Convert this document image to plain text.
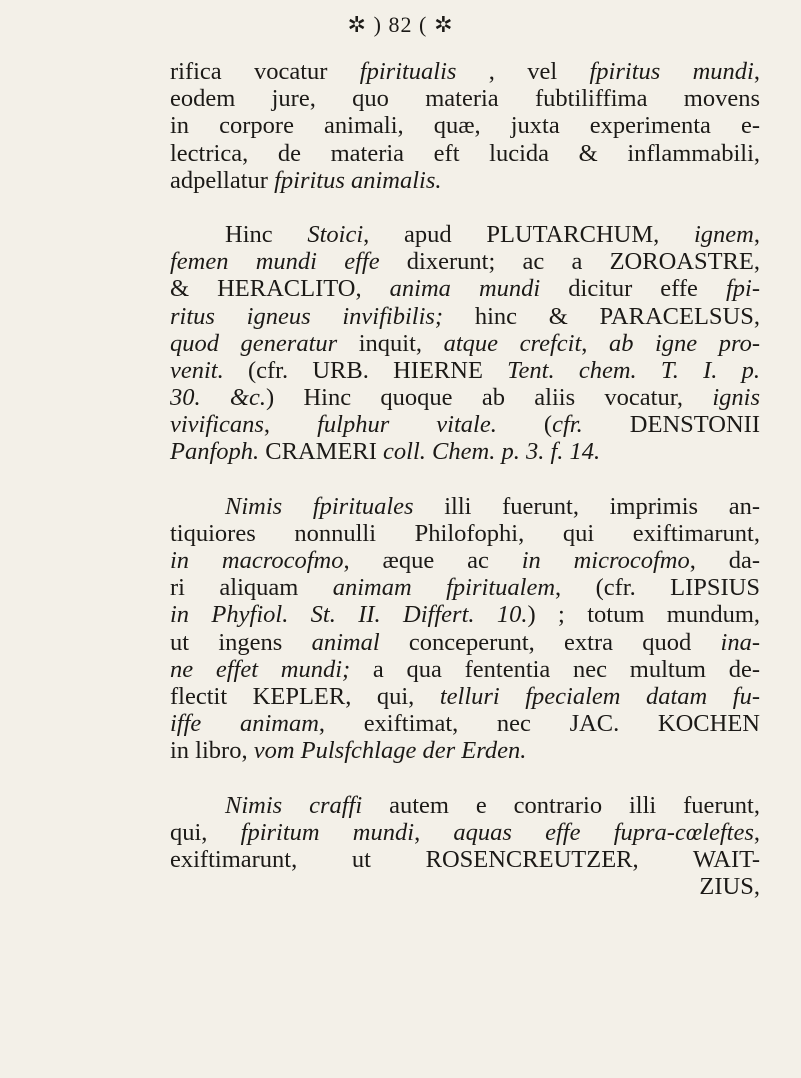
✲ ) 82 ( ✲
rifica vocatur fpiritualis , vel fpiritus mundi,
eodem jure, quo materia fubtiliffima movens
in corpore animali, quæ, juxta experimenta e-
lectrica, de materia eft lucida & inflammabili,
adpellatur fpiritus animalis.
Hinc Stoici, apud PLUTARCHUM, ignem,
femen mundi effe dixerunt; ac a ZOROASTRE,
& HERACLITO, anima mundi dicitur effe fpi-
ritus igneus invifibilis; hinc & PARACELSUS,
quod generatur inquit, atque crefcit, ab igne pro-
venit. (cfr. URB. HIERNE Tent. chem. T. I. p.
30. &c.) Hinc quoque ab aliis vocatur, ignis
vivificans, fulphur vitale. (cfr. DENSTONII
Panfoph. CRAMERI coll. Chem. p. 3. f. 14.
Nimis fpirituales illi fuerunt, imprimis an-
tiquiores nonnulli Philofophi, qui exiftimarunt,
in macrocofmo, æque ac in microcofmo, da-
ri aliquam animam fpiritualem, (cfr. LIPSIUS
in Phyfiol. St. II. Differt. 10.) ; totum mundum,
ut ingens animal conceperunt, extra quod ina-
ne effet mundi; a qua fententia nec multum de-
flectit KEPLER, qui, telluri fpecialem datam fu-
iffe animam, exiftimat, nec JAC. KOCHEN
in libro, vom Pulsfchlage der Erden.
Nimis craffi autem e contrario illi fuerunt,
qui, fpiritum mundi, aquas effe fupra-cœleftes,
exiftimarunt, ut ROSENCREUTZER, WAIT-
ZIUS,
